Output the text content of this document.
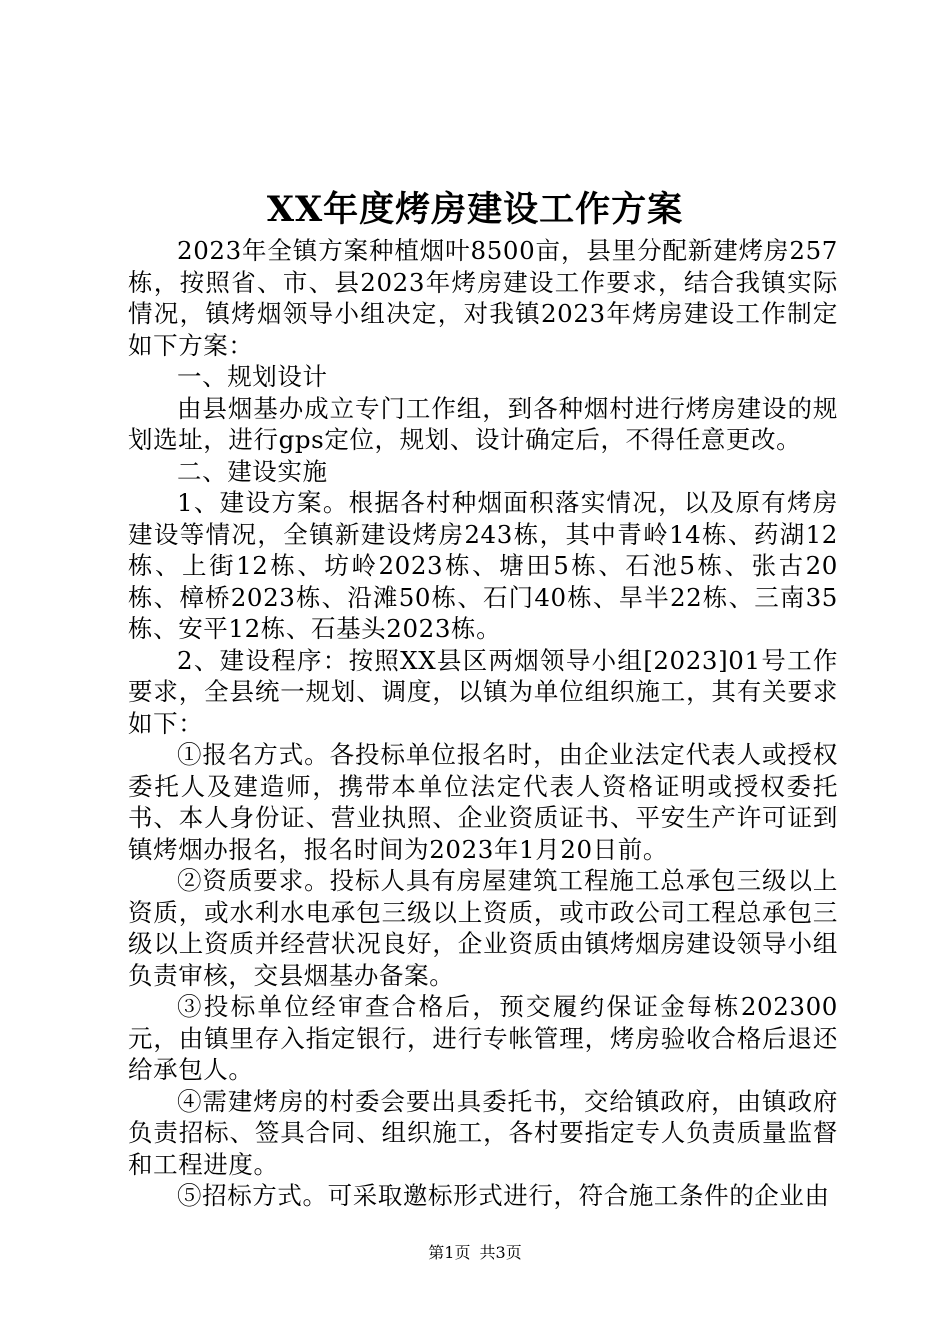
XX年度烤房建设工作方案

2023年全镇方案种植烟叶8500亩，县里分配新建烤房257栋，按照省、市、县2023年烤房建设工作要求，结合我镇实际情况，镇烤烟领导小组决定，对我镇2023年烤房建设工作制定如下方案：

一、规划设计

由县烟基办成立专门工作组，到各种烟村进行烤房建设的规划选址，进行gps定位，规划、设计确定后，不得任意更改。

二、建设实施

1、建设方案。根据各村种烟面积落实情况，以及原有烤房建设等情况，全镇新建设烤房243栋，其中青岭14栋、药湖12栋、上街12栋、坊岭2023栋、塘田5栋、石池5栋、张古20栋、樟桥2023栋、沿滩50栋、石门40栋、旱半22栋、三南35栋、安平12栋、石基头2023栋。

2、建设程序：按照XX县区两烟领导小组[2023]01号工作要求，全县统一规划、调度，以镇为单位组织施工，其有关要求如下：

①报名方式。各投标单位报名时，由企业法定代表人或授权委托人及建造师，携带本单位法定代表人资格证明或授权委托书、本人身份证、营业执照、企业资质证书、平安生产许可证到镇烤烟办报名，报名时间为2023年1月20日前。

②资质要求。投标人具有房屋建筑工程施工总承包三级以上资质，或水利水电承包三级以上资质，或市政公司工程总承包三级以上资质并经营状况良好，企业资质由镇烤烟房建设领导小组负责审核，交县烟基办备案。

③投标单位经审查合格后，预交履约保证金每栋202300元，由镇里存入指定银行，进行专帐管理，烤房验收合格后退还给承包人。

④需建烤房的村委会要出具委托书，交给镇政府，由镇政府负责招标、签具合同、组织施工，各村要指定专人负责质量监督和工程进度。

⑤招标方式。可采取邀标形式进行，符合施工条件的企业由

第1页 共3页
